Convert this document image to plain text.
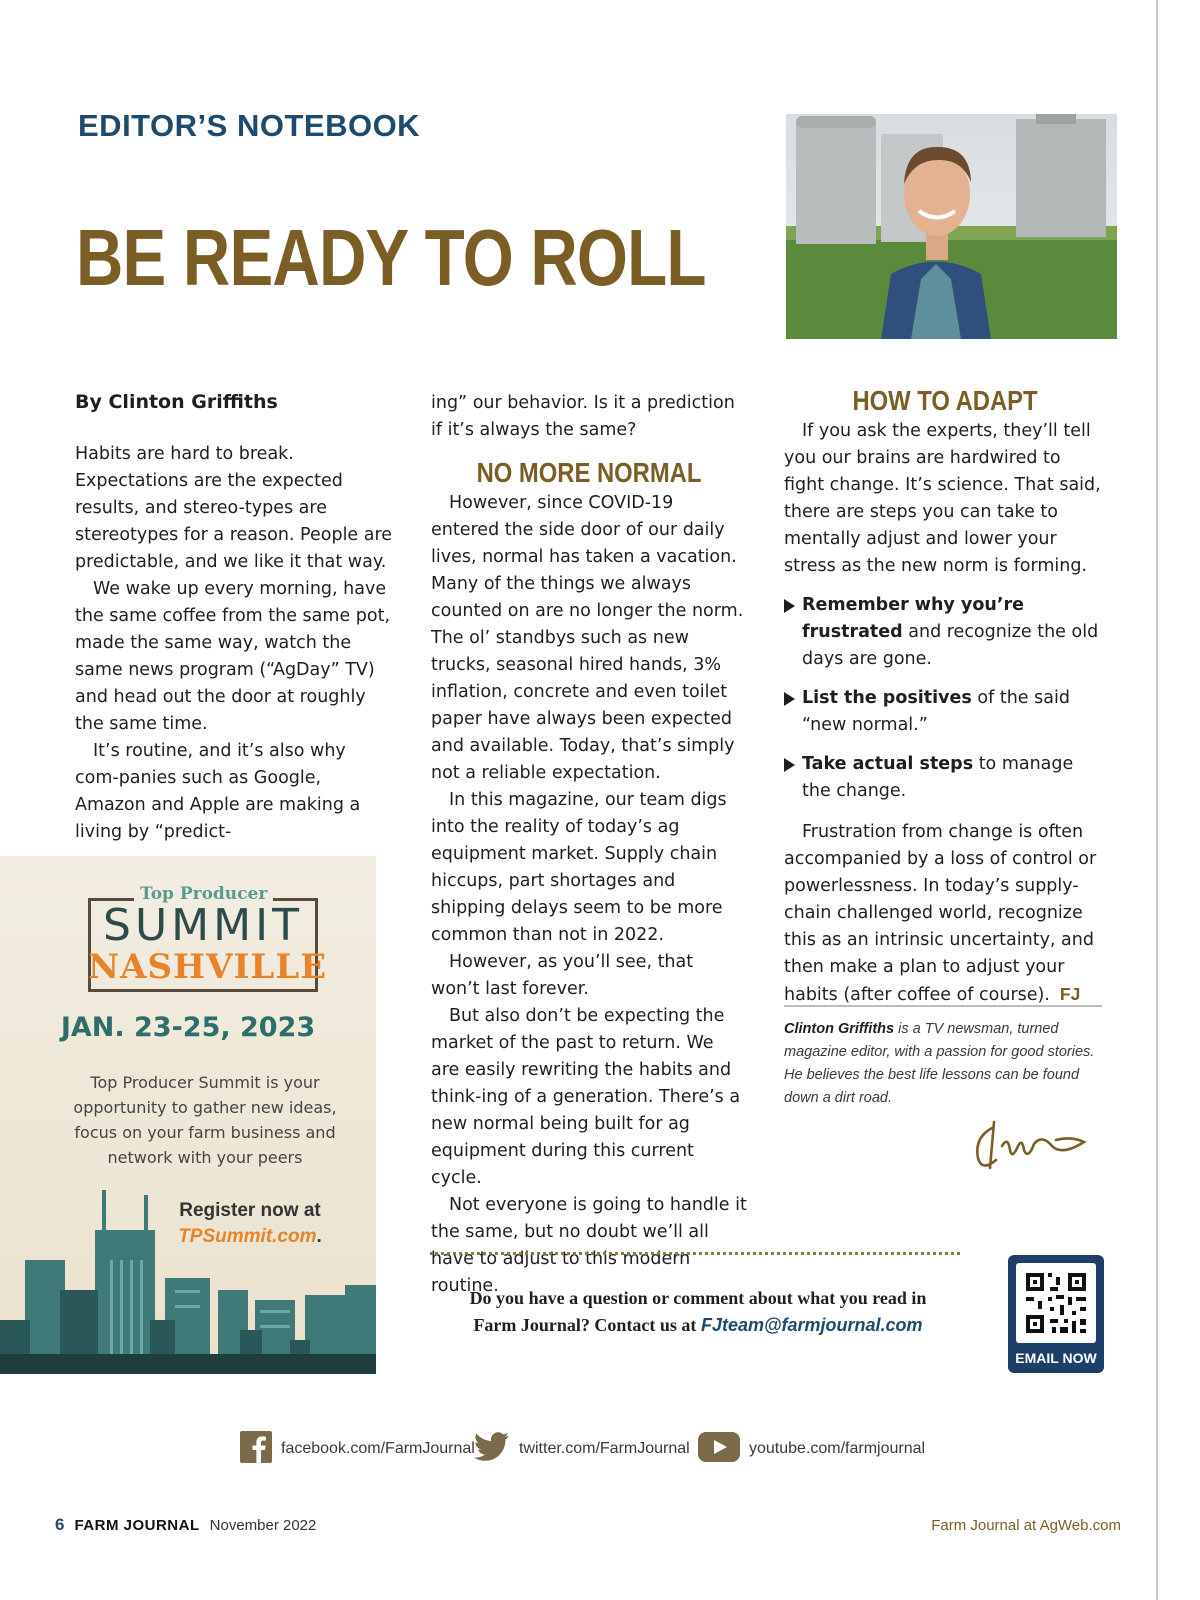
EDITOR’S NOTEBOOK
BE READY TO ROLL
By Clinton Griffiths

Habits are hard to break. Expectations are the expected results, and stereo-types are stereotypes for a reason. People are predictable, and we like it that way.

We wake up every morning, have the same coffee from the same pot, made the same way, watch the same news program (“AgDay” TV) and head out the door at roughly the same time.

It’s routine, and it’s also why com-panies such as Google, Amazon and Apple are making a living by “predict-

ing” our behavior. Is it a prediction if it’s always the same?

NO MORE NORMAL

However, since COVID-19 entered the side door of our daily lives, normal has taken a vacation. Many of the things we always counted on are no longer the norm. The ol’ standbys such as new trucks, seasonal hired hands, 3% inflation, concrete and even toilet paper have always been expected and available. Today, that’s simply not a reliable expectation.

In this magazine, our team digs into the reality of today’s ag equipment market. Supply chain hiccups, part shortages and shipping delays seem to be more common than not in 2022.

However, as you’ll see, that won’t last forever.

But also don’t be expecting the market of the past to return. We are easily rewriting the habits and think-ing of a generation. There’s a new normal being built for ag equipment during this current cycle.

Not everyone is going to handle it the same, but no doubt we’ll all have to adjust to this modern routine.

HOW TO ADAPT

If you ask the experts, they’ll tell you our brains are hardwired to fight change. It’s science. That said, there are steps you can take to mentally adjust and lower your stress as the new norm is forming.

Remember why you’re frustrated and recognize the old days are gone.
List the positives of the said “new normal.”
Take actual steps to manage the change.

Frustration from change is often accompanied by a loss of control or powerlessness. In today’s supply-chain challenged world, recognize this as an intrinsic uncertainty, and then make a plan to adjust your habits (after coffee of course). FJ

Clinton Griffiths is a TV newsman, turned magazine editor, with a passion for good stories. He believes the best life lessons can be found down a dirt road.
Top Producer
SUMMIT
NASHVILLE
JAN. 23-25, 2023
Top Producer Summit is your opportunity to gather new ideas, focus on your farm business and network with your peers
Register now at
TPSummit.com.
Do you have a question or comment about what you read in
Farm Journal? Contact us at FJteam@farmjournal.com
EMAIL NOW
facebook.com/FarmJournal	twitter.com/FarmJournal	youtube.com/farmjournal
6 FARM JOURNAL November 2022	Farm Journal at AgWeb.com
